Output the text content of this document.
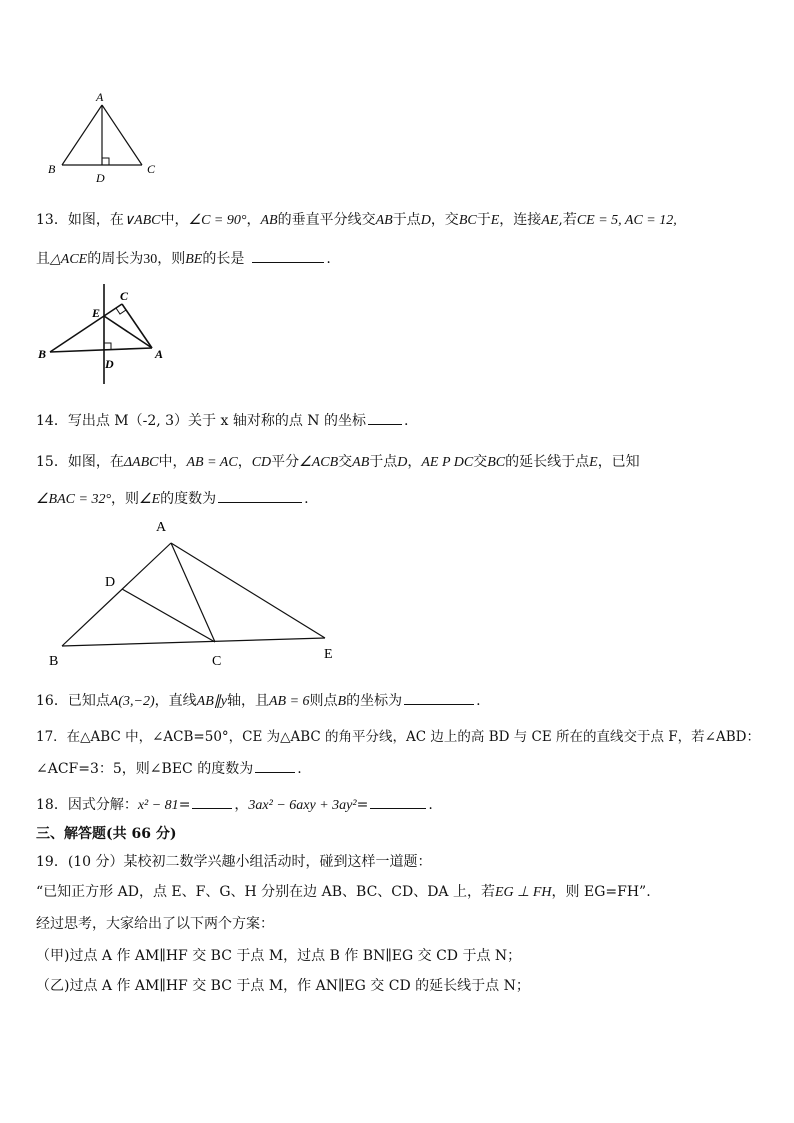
A
B	C
D
13．如图，在∨ABC中，∠C = 90°，AB的垂直平分线交AB于点D，交BC于E，连接AE,若CE = 5, AC = 12,
且△ACE的周长为30，则BE的长是	.
C
E
B
D
A
14．写出点 M（-2, 3）关于 x 轴对称的点 N 的坐标	.
15．如图，在ΔABC中，AB = AC，CD平分∠ACB交AB于点D，AE P DC交BC的延长线于点E，已知
∠BAC = 32°，则∠E的度数为	.
A
D
B	C	E
16．已知点A(3,−2)，直线AB∥y轴，且AB = 6则点B的坐标为	.
17．在△ABC 中，∠ACB=50°，CE 为△ABC 的角平分线，AC 边上的高 BD 与 CE 所在的直线交于点 F，若∠ABD：
∠ACF=3：5，则∠BEC 的度数为	.
18．因式分解：x² − 81=	，3ax² − 6axy + 3ay²=	.
三、解答题(共 66 分)
19．(10 分）某校初二数学兴趣小组活动时，碰到这样一道题：
“已知正方形 AD，点 E、F、G、H 分别在边 AB、BC、CD、DA 上，若EG ⊥ FH，则 EG=FH”.
经过思考，大家给出了以下两个方案：
（甲)过点 A 作 AM∥HF 交 BC 于点 M，过点 B 作 BN∥EG 交 CD 于点 N；
（乙)过点 A 作 AM∥HF 交 BC 于点 M，作 AN∥EG 交 CD 的延长线于点 N；
